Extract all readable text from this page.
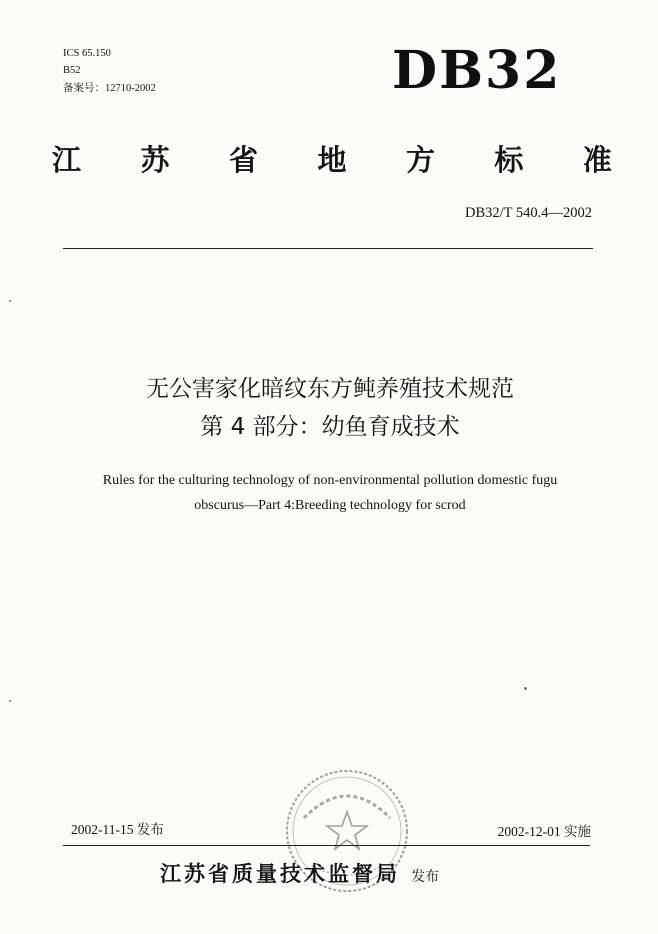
ICS 65.150
B52
备案号：12710-2002	DB32
江 苏 省 地 方 标 准
DB32/T 540.4—2002
无公害家化暗纹东方鲀养殖技术规范
第 4 部分：幼鱼育成技术
Rules for the culturing technology of non-environmental pollution domestic fugu
obscurus—Part 4:Breeding technology for scrod
2002-11-15 发布	2002-12-01 实施
江苏省质量技术监督局 发布
